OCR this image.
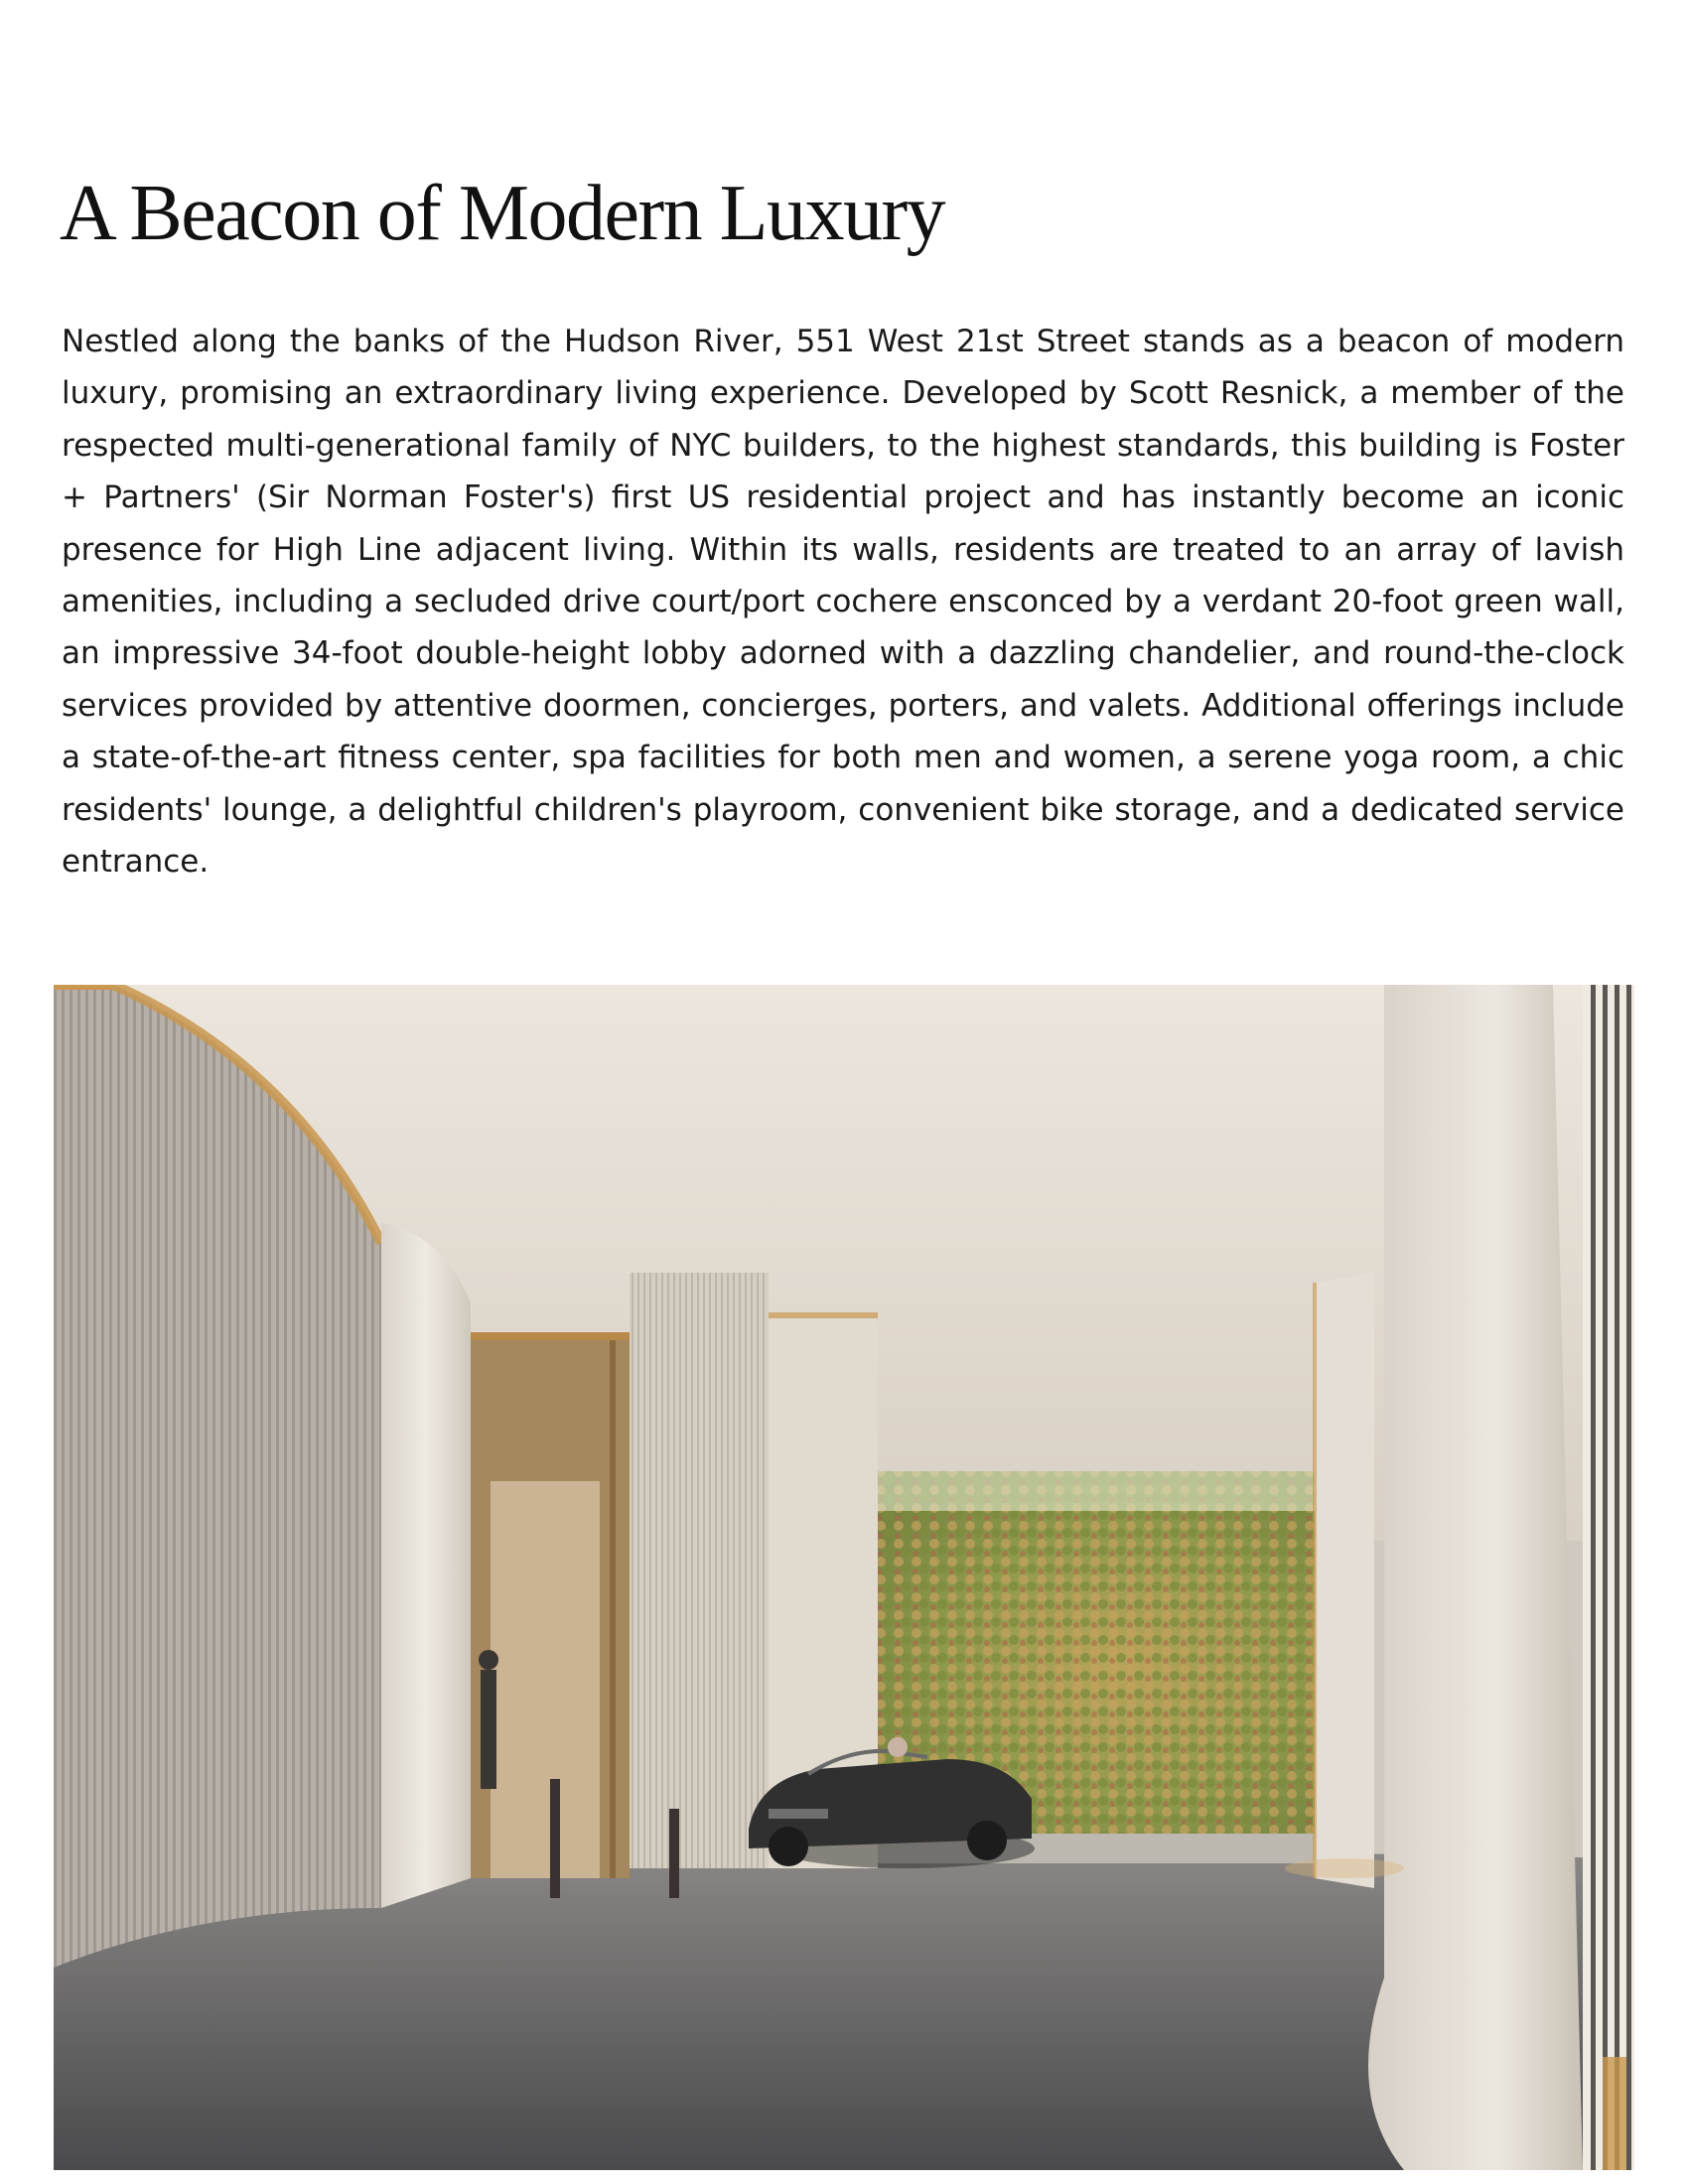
A Beacon of Modern Luxury

Nestled along the banks of the Hudson River, 551 West 21st Street stands as a beacon of modern luxury, promising an extraordinary living experience. Developed by Scott Resnick, a member of the respected multi-generational family of NYC builders, to the highest standards, this building is Foster + Partners' (Sir Norman Foster's) first US residential project and has instantly become an iconic presence for High Line adjacent living. Within its walls, residents are treated to an array of lavish amenities, including a secluded drive court/port cochere ensconced by a verdant 20-foot green wall, an impressive 34-foot double-height lobby adorned with a dazzling chandelier, and round-the-clock services provided by attentive doormen, concierges, porters, and valets. Additional offerings include a state-of-the-art fitness center, spa facilities for both men and women, a serene yoga room, a chic residents' lounge, a delightful children's playroom, convenient bike storage, and a dedicated service entrance.
